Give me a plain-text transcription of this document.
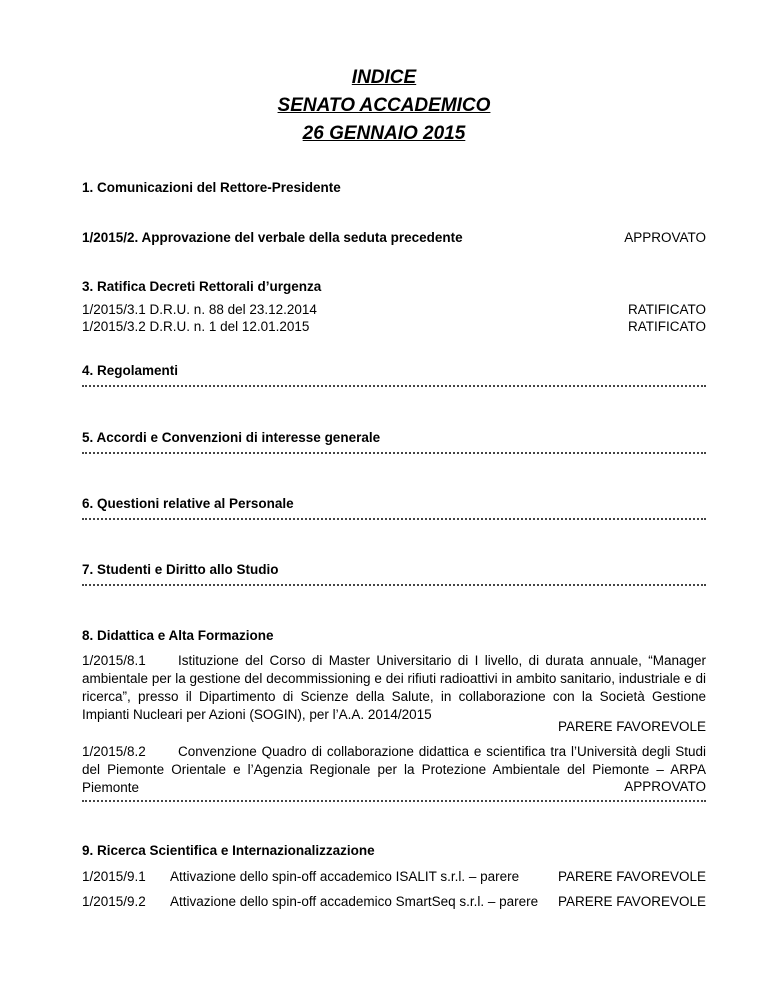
INDICE
SENATO ACCADEMICO
26 GENNAIO 2015
1. Comunicazioni del Rettore-Presidente
1/2015/2. Approvazione del verbale della seduta precedente	APPROVATO
3. Ratifica Decreti Rettorali d’urgenza
1/2015/3.1 D.R.U. n. 88 del 23.12.2014	RATIFICATO
1/2015/3.2 D.R.U. n. 1 del 12.01.2015	RATIFICATO
4. Regolamenti
5. Accordi e Convenzioni di interesse generale
6. Questioni relative al Personale
7. Studenti e Diritto allo Studio
8. Didattica e Alta Formazione
1/2015/8.1 Istituzione del Corso di Master Universitario di I livello, di durata annuale, “Manager ambientale per la gestione del decommissioning e dei rifiuti radioattivi in ambito sanitario, industriale e di ricerca”, presso il Dipartimento di Scienze della Salute, in collaborazione con la Società Gestione Impianti Nucleari per Azioni (SOGIN), per l’A.A. 2014/2015
PARERE FAVOREVOLE
1/2015/8.2 Convenzione Quadro di collaborazione didattica e scientifica tra l’Università degli Studi del Piemonte Orientale e l’Agenzia Regionale per la Protezione Ambientale del Piemonte – ARPA Piemonte	APPROVATO
9. Ricerca Scientifica e Internazionalizzazione
1/2015/9.1 Attivazione dello spin-off accademico ISALIT s.r.l. – parere	PARERE FAVOREVOLE
1/2015/9.2 Attivazione dello spin-off accademico SmartSeq s.r.l. – parere PARERE FAVOREVOLE
